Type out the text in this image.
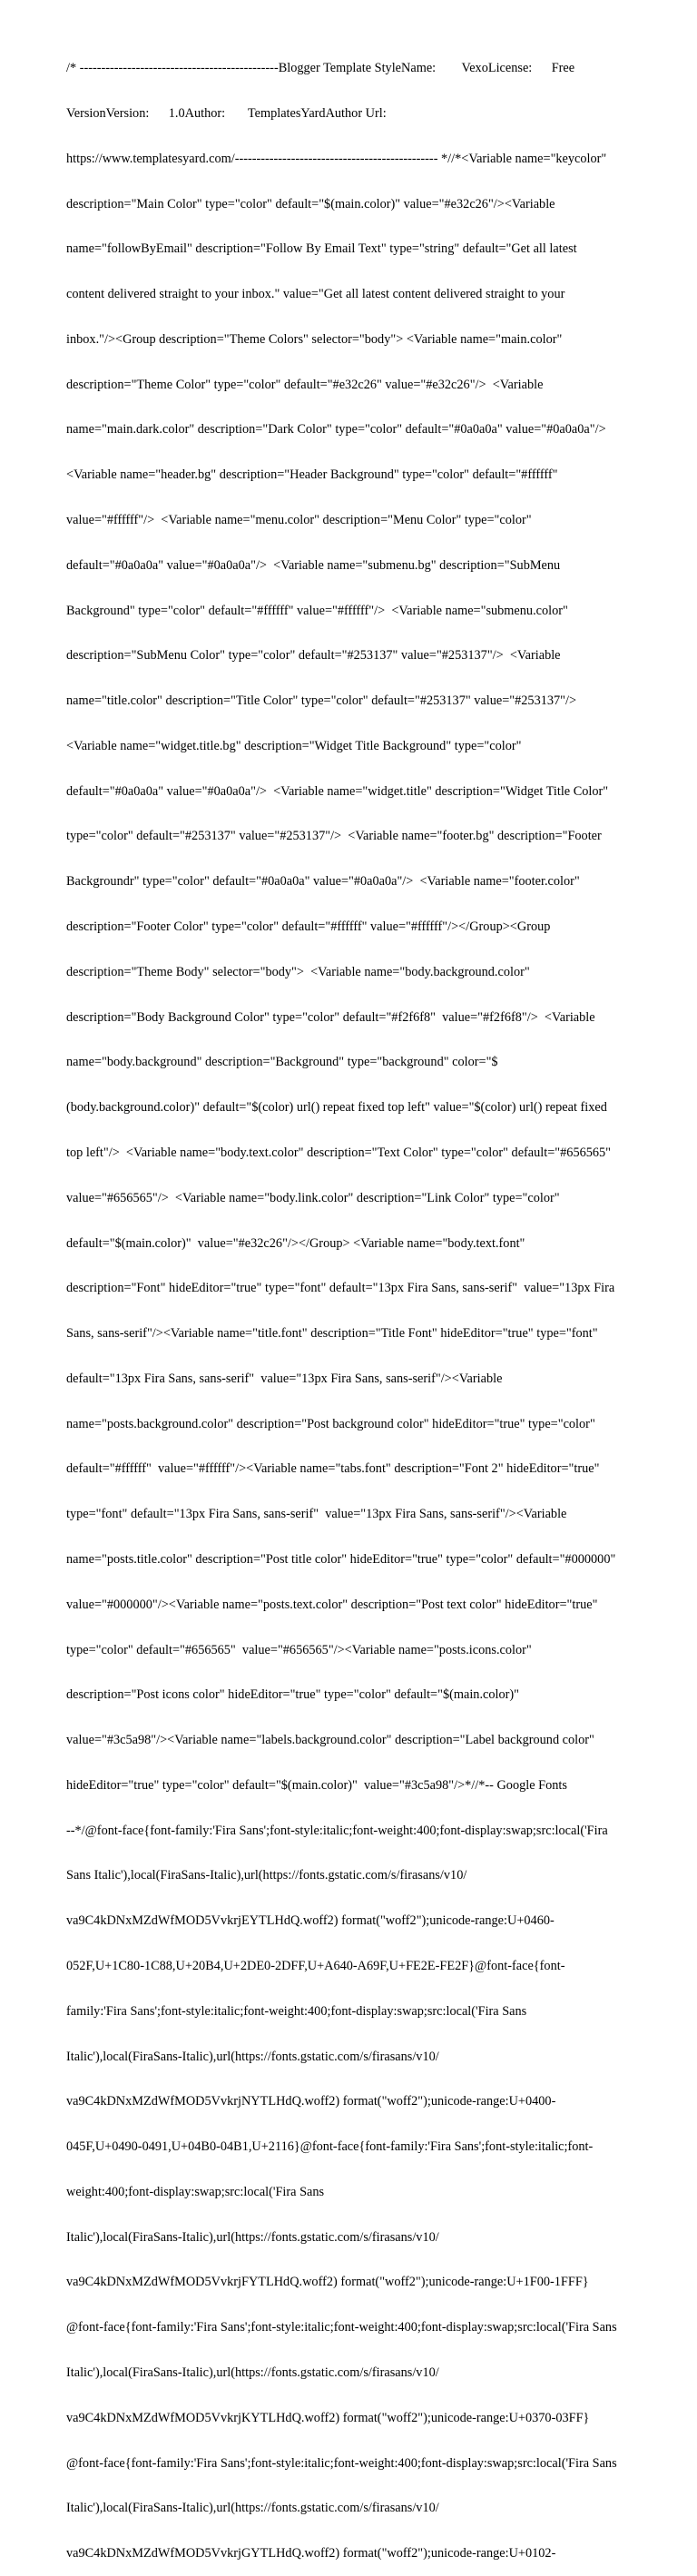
/* ----------------------------------------------Blogger Template StyleName:        VexoLicense:      Free

VersionVersion:      1.0Author:       TemplatesYardAuthor Url:

https://www.templatesyard.com/----------------------------------------------- *//*<Variable name="keycolor"

description="Main Color" type="color" default="$(main.color)" value="#e32c26"/><Variable

name="followByEmail" description="Follow By Email Text" type="string" default="Get all latest

content delivered straight to your inbox." value="Get all latest content delivered straight to your

inbox."/><Group description="Theme Colors" selector="body"> <Variable name="main.color"

description="Theme Color" type="color" default="#e32c26" value="#e32c26"/>  <Variable

name="main.dark.color" description="Dark Color" type="color" default="#0a0a0a" value="#0a0a0a"/>

<Variable name="header.bg" description="Header Background" type="color" default="#ffffff"

value="#ffffff"/>  <Variable name="menu.color" description="Menu Color" type="color"

default="#0a0a0a" value="#0a0a0a"/>  <Variable name="submenu.bg" description="SubMenu

Background" type="color" default="#ffffff" value="#ffffff"/>  <Variable name="submenu.color"

description="SubMenu Color" type="color" default="#253137" value="#253137"/>  <Variable

name="title.color" description="Title Color" type="color" default="#253137" value="#253137"/>

<Variable name="widget.title.bg" description="Widget Title Background" type="color"

default="#0a0a0a" value="#0a0a0a"/>  <Variable name="widget.title" description="Widget Title Color"

type="color" default="#253137" value="#253137"/>  <Variable name="footer.bg" description="Footer

Backgroundr" type="color" default="#0a0a0a" value="#0a0a0a"/>  <Variable name="footer.color"

description="Footer Color" type="color" default="#ffffff" value="#ffffff"/></Group><Group

description="Theme Body" selector="body">  <Variable name="body.background.color"

description="Body Background Color" type="color" default="#f2f6f8"  value="#f2f6f8"/>  <Variable

name="body.background" description="Background" type="background" color="$

(body.background.color)" default="$(color) url() repeat fixed top left" value="$(color) url() repeat fixed

top left"/>  <Variable name="body.text.color" description="Text Color" type="color" default="#656565"

value="#656565"/>  <Variable name="body.link.color" description="Link Color" type="color"

default="$(main.color)"  value="#e32c26"/></Group> <Variable name="body.text.font"

description="Font" hideEditor="true" type="font" default="13px Fira Sans, sans-serif"  value="13px Fira

Sans, sans-serif"/><Variable name="title.font" description="Title Font" hideEditor="true" type="font"

default="13px Fira Sans, sans-serif"  value="13px Fira Sans, sans-serif"/><Variable

name="posts.background.color" description="Post background color" hideEditor="true" type="color"

default="#ffffff"  value="#ffffff"/><Variable name="tabs.font" description="Font 2" hideEditor="true"

type="font" default="13px Fira Sans, sans-serif"  value="13px Fira Sans, sans-serif"/><Variable

name="posts.title.color" description="Post title color" hideEditor="true" type="color" default="#000000"

value="#000000"/><Variable name="posts.text.color" description="Post text color" hideEditor="true"

type="color" default="#656565"  value="#656565"/><Variable name="posts.icons.color"

description="Post icons color" hideEditor="true" type="color" default="$(main.color)"

value="#3c5a98"/><Variable name="labels.background.color" description="Label background color"

hideEditor="true" type="color" default="$(main.color)"  value="#3c5a98"/>*//*-- Google Fonts

--*/@font-face{font-family:'Fira Sans';font-style:italic;font-weight:400;font-display:swap;src:local('Fira

Sans Italic'),local(FiraSans-Italic),url(https://fonts.gstatic.com/s/firasans/v10/

va9C4kDNxMZdWfMOD5VvkrjEYTLHdQ.woff2) format("woff2");unicode-range:U+0460-

052F,U+1C80-1C88,U+20B4,U+2DE0-2DFF,U+A640-A69F,U+FE2E-FE2F}@font-face{font-

family:'Fira Sans';font-style:italic;font-weight:400;font-display:swap;src:local('Fira Sans

Italic'),local(FiraSans-Italic),url(https://fonts.gstatic.com/s/firasans/v10/

va9C4kDNxMZdWfMOD5VvkrjNYTLHdQ.woff2) format("woff2");unicode-range:U+0400-

045F,U+0490-0491,U+04B0-04B1,U+2116}@font-face{font-family:'Fira Sans';font-style:italic;font-

weight:400;font-display:swap;src:local('Fira Sans

Italic'),local(FiraSans-Italic),url(https://fonts.gstatic.com/s/firasans/v10/

va9C4kDNxMZdWfMOD5VvkrjFYTLHdQ.woff2) format("woff2");unicode-range:U+1F00-1FFF}

@font-face{font-family:'Fira Sans';font-style:italic;font-weight:400;font-display:swap;src:local('Fira Sans

Italic'),local(FiraSans-Italic),url(https://fonts.gstatic.com/s/firasans/v10/

va9C4kDNxMZdWfMOD5VvkrjKYTLHdQ.woff2) format("woff2");unicode-range:U+0370-03FF}

@font-face{font-family:'Fira Sans';font-style:italic;font-weight:400;font-display:swap;src:local('Fira Sans

Italic'),local(FiraSans-Italic),url(https://fonts.gstatic.com/s/firasans/v10/

va9C4kDNxMZdWfMOD5VvkrjGYTLHdQ.woff2) format("woff2");unicode-range:U+0102-
